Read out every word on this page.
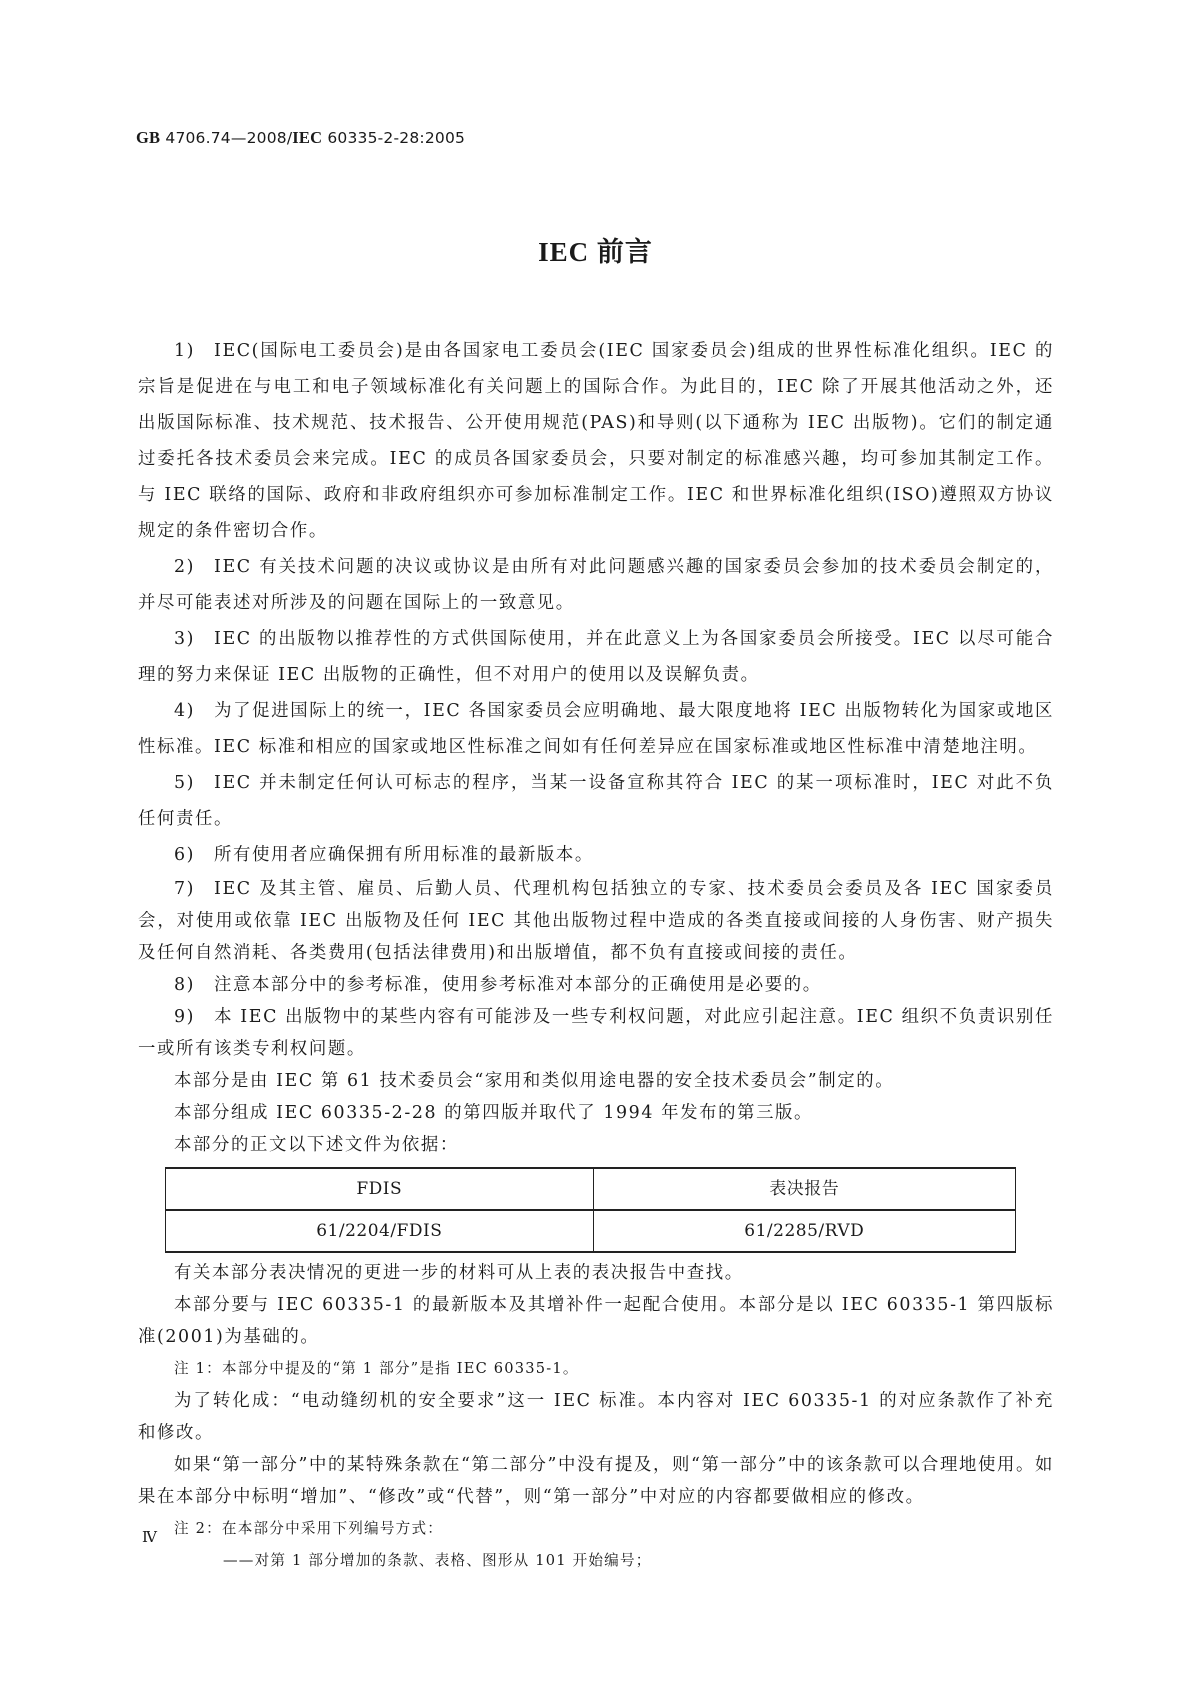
GB 4706.74—2008/IEC 60335-2-28:2005
IEC 前言

1) IEC(国际电工委员会)是由各国家电工委员会(IEC 国家委员会)组成的世界性标准化组织。IEC 的宗旨是促进在与电工和电子领域标准化有关问题上的国际合作。为此目的，IEC 除了开展其他活动之外，还出版国际标准、技术规范、技术报告、公开使用规范(PAS)和导则(以下通称为 IEC 出版物)。它们的制定通过委托各技术委员会来完成。IEC 的成员各国家委员会，只要对制定的标准感兴趣，均可参加其制定工作。与 IEC 联络的国际、政府和非政府组织亦可参加标准制定工作。IEC 和世界标准化组织(ISO)遵照双方协议规定的条件密切合作。

2) IEC 有关技术问题的决议或协议是由所有对此问题感兴趣的国家委员会参加的技术委员会制定的，并尽可能表述对所涉及的问题在国际上的一致意见。

3) IEC 的出版物以推荐性的方式供国际使用，并在此意义上为各国家委员会所接受。IEC 以尽可能合理的努力来保证 IEC 出版物的正确性，但不对用户的使用以及误解负责。

4) 为了促进国际上的统一，IEC 各国家委员会应明确地、最大限度地将 IEC 出版物转化为国家或地区性标准。IEC 标准和相应的国家或地区性标准之间如有任何差异应在国家标准或地区性标准中清楚地注明。

5) IEC 并未制定任何认可标志的程序，当某一设备宣称其符合 IEC 的某一项标准时，IEC 对此不负任何责任。

6) 所有使用者应确保拥有所用标准的最新版本。

7) IEC 及其主管、雇员、后勤人员、代理机构包括独立的专家、技术委员会委员及各 IEC 国家委员会，对使用或依靠 IEC 出版物及任何 IEC 其他出版物过程中造成的各类直接或间接的人身伤害、财产损失及任何自然消耗、各类费用(包括法律费用)和出版增值，都不负有直接或间接的责任。

8) 注意本部分中的参考标准，使用参考标准对本部分的正确使用是必要的。

9) 本 IEC 出版物中的某些内容有可能涉及一些专利权问题，对此应引起注意。IEC 组织不负责识别任一或所有该类专利权问题。

本部分是由 IEC 第 61 技术委员会“家用和类似用途电器的安全技术委员会”制定的。

本部分组成 IEC 60335-2-28 的第四版并取代了 1994 年发布的第三版。

本部分的正文以下述文件为依据：

FDIS	表决报告
61/2204/FDIS	61/2285/RVD

有关本部分表决情况的更进一步的材料可从上表的表决报告中查找。

本部分要与 IEC 60335-1 的最新版本及其增补件一起配合使用。本部分是以 IEC 60335-1 第四版标准(2001)为基础的。

注 1：本部分中提及的“第 1 部分”是指 IEC 60335-1。

为了转化成：“电动缝纫机的安全要求”这一 IEC 标准。本内容对 IEC 60335-1 的对应条款作了补充和修改。

如果“第一部分”中的某特殊条款在“第二部分”中没有提及，则“第一部分”中的该条款可以合理地使用。如果在本部分中标明“增加”、“修改”或“代替”，则“第一部分”中对应的内容都要做相应的修改。

注 2：在本部分中采用下列编号方式：

——对第 1 部分增加的条款、表格、图形从 101 开始编号；

Ⅳ
